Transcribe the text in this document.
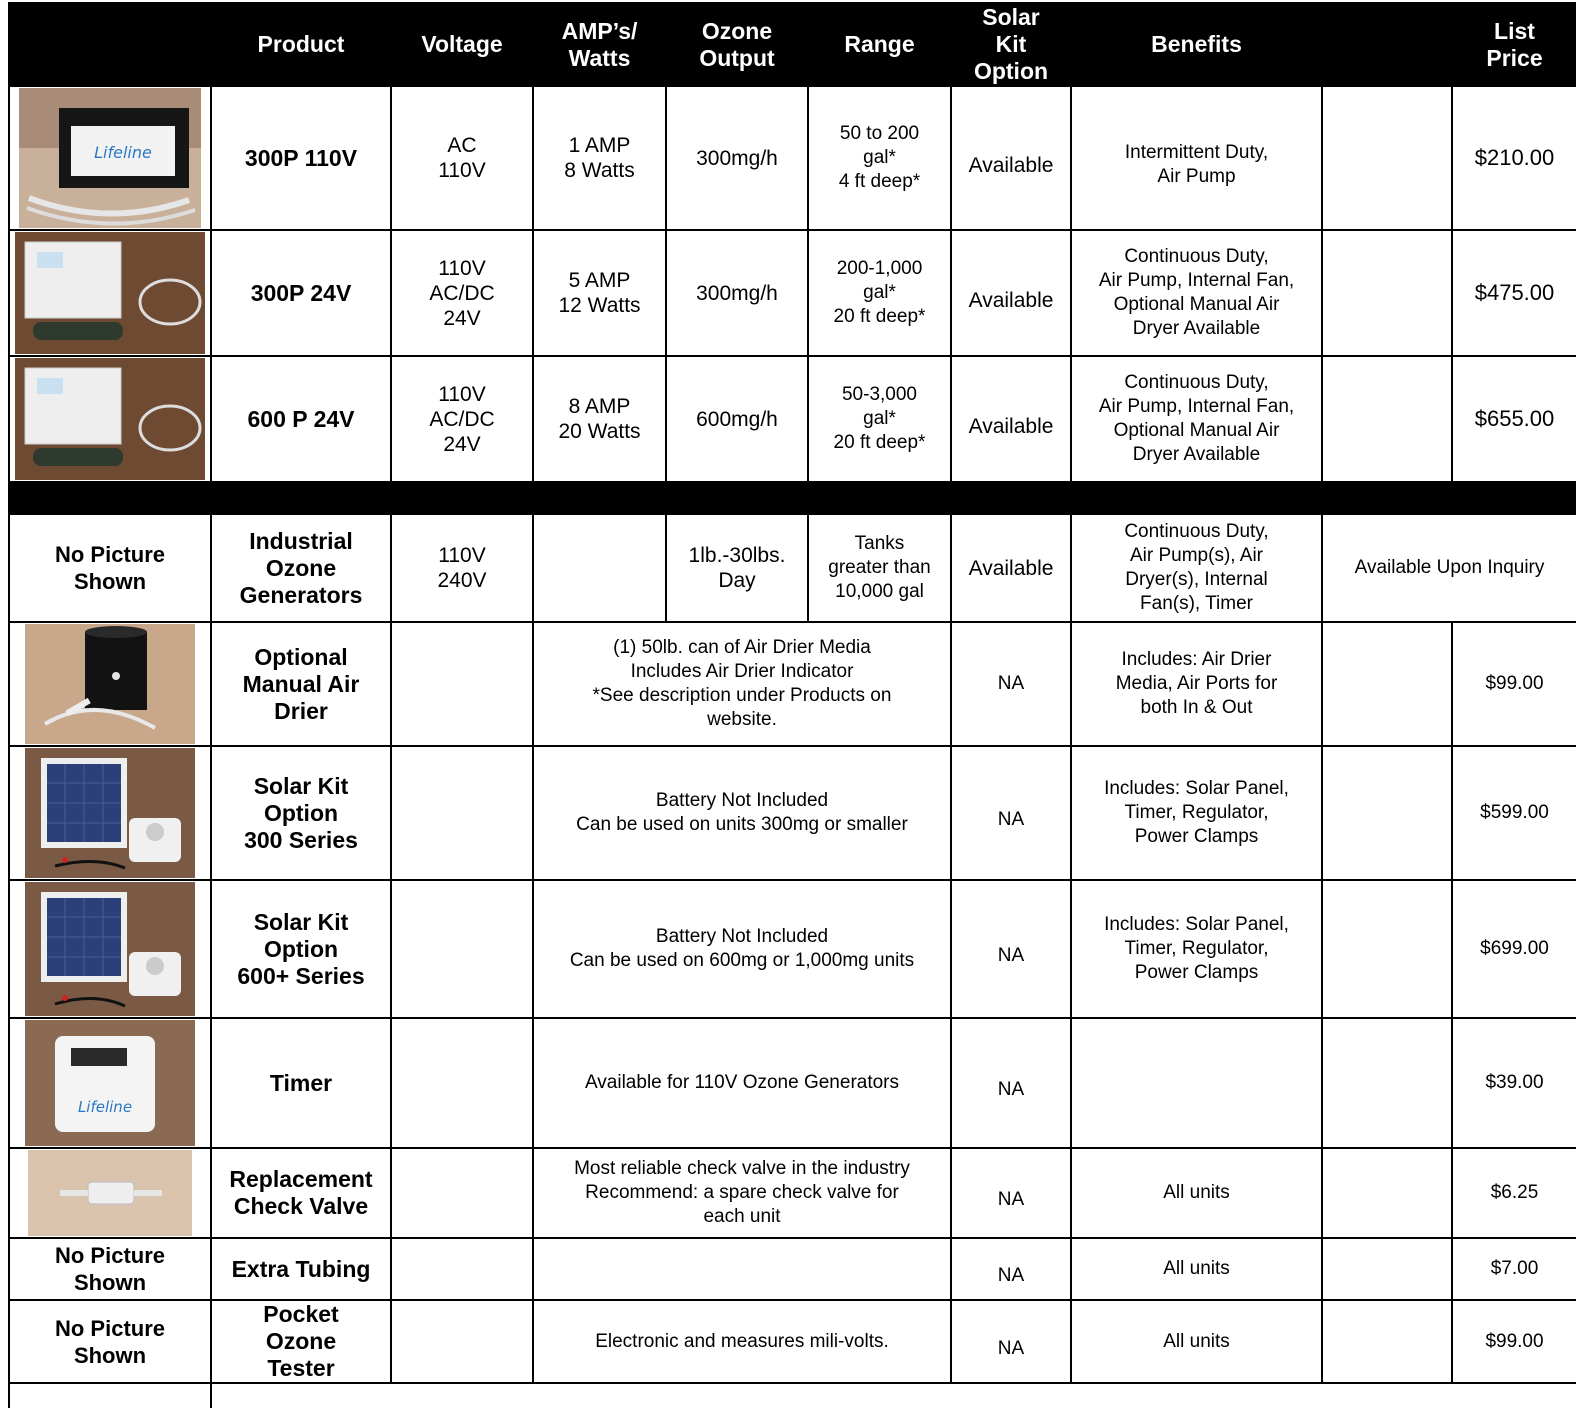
	Product	Voltage	AMP’s/
Watts	Ozone
Output	Range	Solar
Kit
Option	Benefits		List
Price

Lifeline	300P 110V	AC
110V	1 AMP
8 Watts	300mg/h	50 to 200
gal*
4 ft deep*	Available	Intermittent Duty,
Air Pump		$210.00

	300P 24V	110V
AC/DC
24V	5 AMP
12 Watts	300mg/h	200-1,000
gal*
20 ft deep*	Available	Continuous Duty,
Air Pump, Internal Fan,
Optional Manual Air
Dryer Available		$475.00

	600 P 24V	110V
AC/DC
24V	8 AMP
20 Watts	600mg/h	50-3,000
gal*
20 ft deep*	Available	Continuous Duty,
Air Pump, Internal Fan,
Optional Manual Air
Dryer Available		$655.00

No Picture
Shown	Industrial
Ozone
Generators	110V
240V		1lb.-30lbs.
Day	Tanks
greater than
10,000 gal	Available	Continuous Duty,
Air Pump(s), Air
Dryer(s), Internal
Fan(s), Timer	Available Upon Inquiry	

	Optional
Manual Air
Drier		(1) 50lb. can of Air Drier Media
Includes Air Drier Indicator
*See description under Products on
website.			NA	Includes: Air Drier
Media, Air Ports for
both In & Out		$99.00

	Solar Kit
Option
300 Series		Battery Not Included
Can be used on units 300mg or smaller			NA	Includes: Solar Panel,
Timer, Regulator,
Power Clamps		$599.00

	Solar Kit
Option
600+ Series		Battery Not Included
Can be used on 600mg or 1,000mg units			NA	Includes: Solar Panel,
Timer, Regulator,
Power Clamps		$699.00

Lifeline	Timer		Available for 110V Ozone Generators			NA			$39.00

	Replacement
Check Valve		Most reliable check valve in the industry
Recommend: a spare check valve for
each unit			NA	All units		$6.25
No Picture
Shown	Extra Tubing					NA	All units		$7.00
No Picture
Shown	Pocket
Ozone
Tester		Electronic and measures mili-volts.			NA	All units		$99.00
